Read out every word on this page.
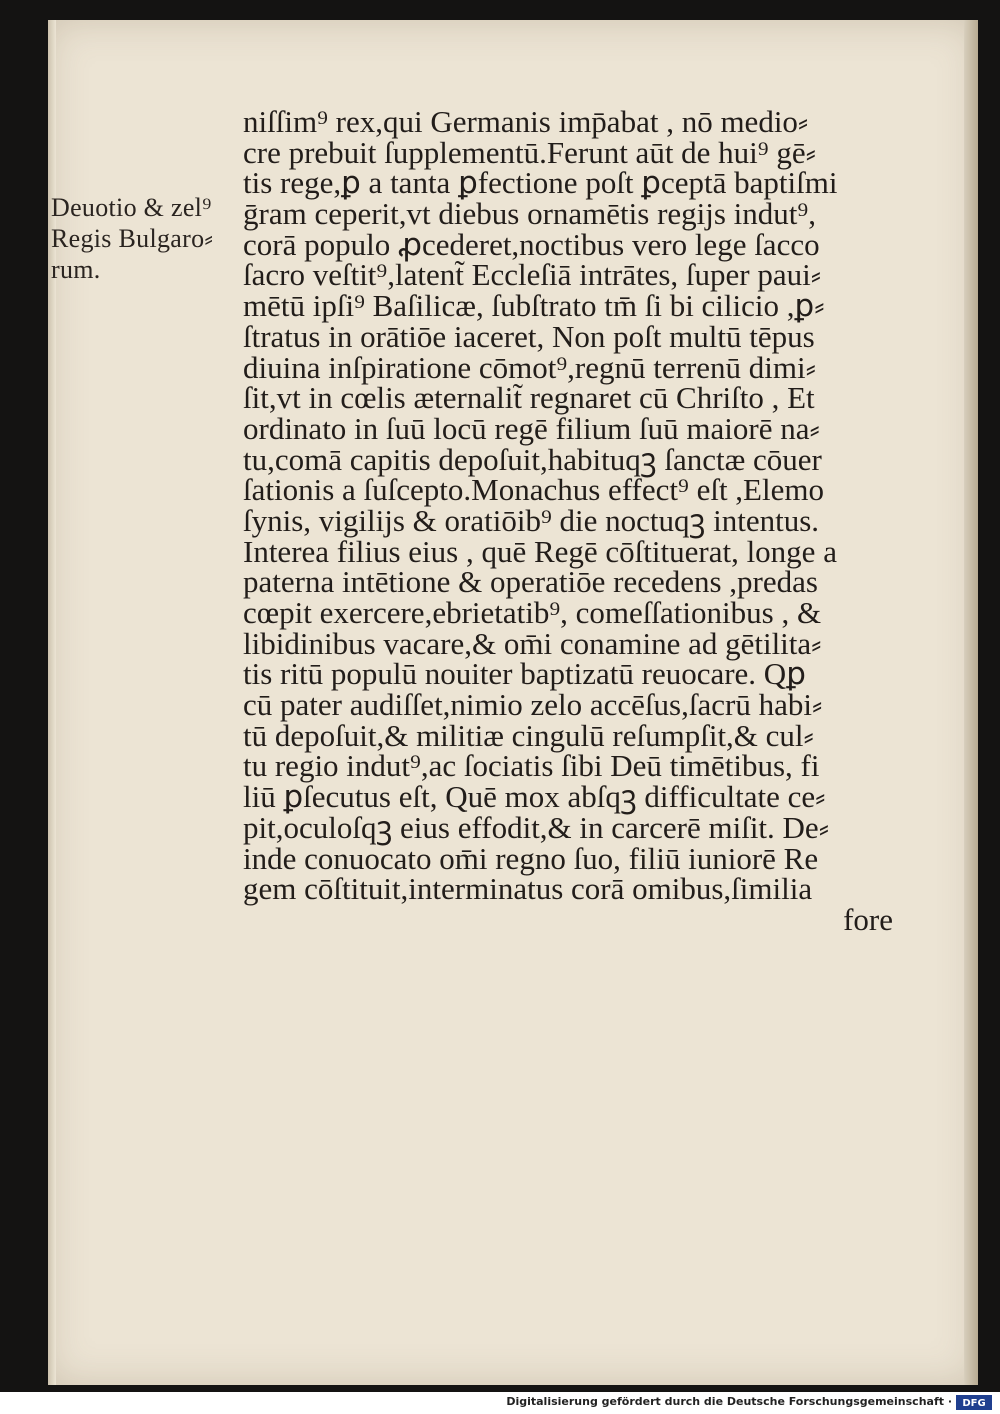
Deuotio & zel⁹
Regis Bulgaro⸗
rum.
niſſim⁹ rex,qui Germanis imp̄abat , nō medio⸗
cre prebuit ſupplementū.Ferunt aūt de hui⁹ gē⸗
tis rege,ꝑ a tanta ꝑfectione poſt ꝑceptā baptiſmi
ḡram ceperit,vt diebus ornamētis regijs indut⁹,
corā populo ꝓcederet,noctibus vero lege ſacco
ſacro veſtit⁹,latent̃ Eccleſiā intrātes, ſuper paui⸗
mētū ipſi⁹ Baſilicæ, ſubſtrato tm̄ ſi bi cilicio ,ꝑ⸗
ſtratus in orātiōe iaceret, Non poſt multū tēpus
diuina inſpiratione cōmot⁹,regnū terrenū dimi⸗
ſit,vt in cœlis æternalit̃ regnaret cū Chriſto , Et
ordinato in ſuū locū regē filium ſuū maiorē na⸗
tu,comā capitis depoſuit,habituqꝫ ſanctæ cōuer
ſationis a ſuſcepto.Monachus effect⁹ eſt ,Elemo
ſynis, vigilijs & oratiōib⁹ die noctuqꝫ intentus.
Interea filius eius , quē Regē cōſtituerat, longe a
paterna intētione & operatiōe recedens ,predas
cœpit exercere,ebrietatib⁹, comeſſationibus , &
libidinibus vacare,& om̄i conamine ad gētilita⸗
tis ritū populū nouiter baptizatū reuocare. Qꝑ
cū pater audiſſet,nimio zelo accēſus,ſacrū habi⸗
tū depoſuit,& militiæ cingulū reſumpſit,& cul⸗
tu regio indut⁹,ac ſociatis ſibi Deū timētibus, fi
liū ꝑſecutus eſt, Quē mox abſqꝫ difficultate ce⸗
pit,oculoſqꝫ eius effodit,& in carcerē miſit. De⸗
inde conuocato om̄i regno ſuo, filiū iuniorē Re
gem cōſtituit,interminatus corā omibus,ſimilia
fore
Digitalisierung gefördert durch die Deutsche Forschungsgemeinschaft ·	DFG
